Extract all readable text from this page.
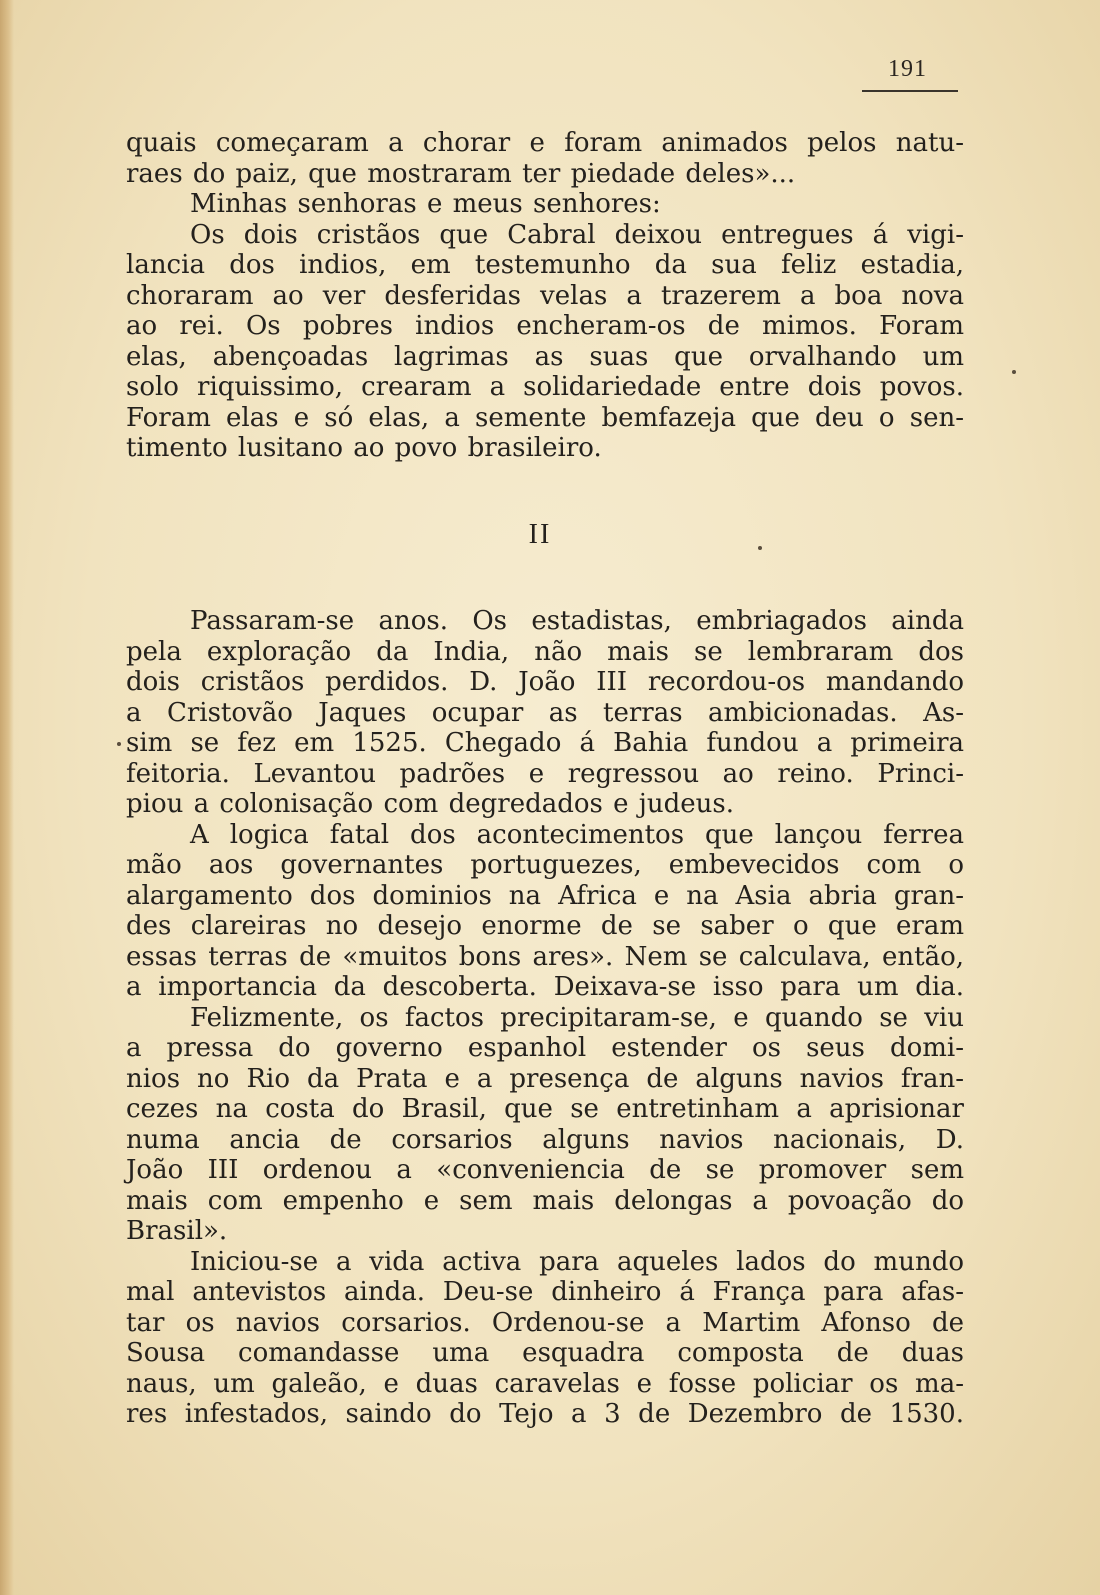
191
quais começaram a chorar e foram animados pelos natu-
raes do paiz, que mostraram ter piedade deles»...
Minhas senhoras e meus senhores:
Os dois cristãos que Cabral deixou entregues á vigi-
lancia dos indios, em testemunho da sua feliz estadia,
choraram ao ver desferidas velas a trazerem a boa nova
ao rei. Os pobres indios encheram-os de mimos. Foram
elas, abençoadas lagrimas as suas que orvalhando um
solo riquissimo, crearam a solidariedade entre dois povos.
Foram elas e só elas, a semente bemfazeja que deu o sen-
timento lusitano ao povo brasileiro.
II
Passaram-se anos. Os estadistas, embriagados ainda
pela exploração da India, não mais se lembraram dos
dois cristãos perdidos. D. João III recordou-os mandando
a Cristovão Jaques ocupar as terras ambicionadas. As-
sim se fez em 1525. Chegado á Bahia fundou a primeira
feitoria. Levantou padrões e regressou ao reino. Princi-
piou a colonisação com degredados e judeus.
A logica fatal dos acontecimentos que lançou ferrea
mão aos governantes portuguezes, embevecidos com o
alargamento dos dominios na Africa e na Asia abria gran-
des clareiras no desejo enorme de se saber o que eram
essas terras de «muitos bons ares». Nem se calculava, então,
a importancia da descoberta. Deixava-se isso para um dia.
Felizmente, os factos precipitaram-se, e quando se viu
a pressa do governo espanhol estender os seus domi-
nios no Rio da Prata e a presença de alguns navios fran-
cezes na costa do Brasil, que se entretinham a aprisionar
numa ancia de corsarios alguns navios nacionais, D.
João III ordenou a «conveniencia de se promover sem
mais com empenho e sem mais delongas a povoação do
Brasil».
Iniciou-se a vida activa para aqueles lados do mundo
mal antevistos ainda. Deu-se dinheiro á França para afas-
tar os navios corsarios. Ordenou-se a Martim Afonso de
Sousa comandasse uma esquadra composta de duas
naus, um galeão, e duas caravelas e fosse policiar os ma-
res infestados, saindo do Tejo a 3 de Dezembro de 1530.
